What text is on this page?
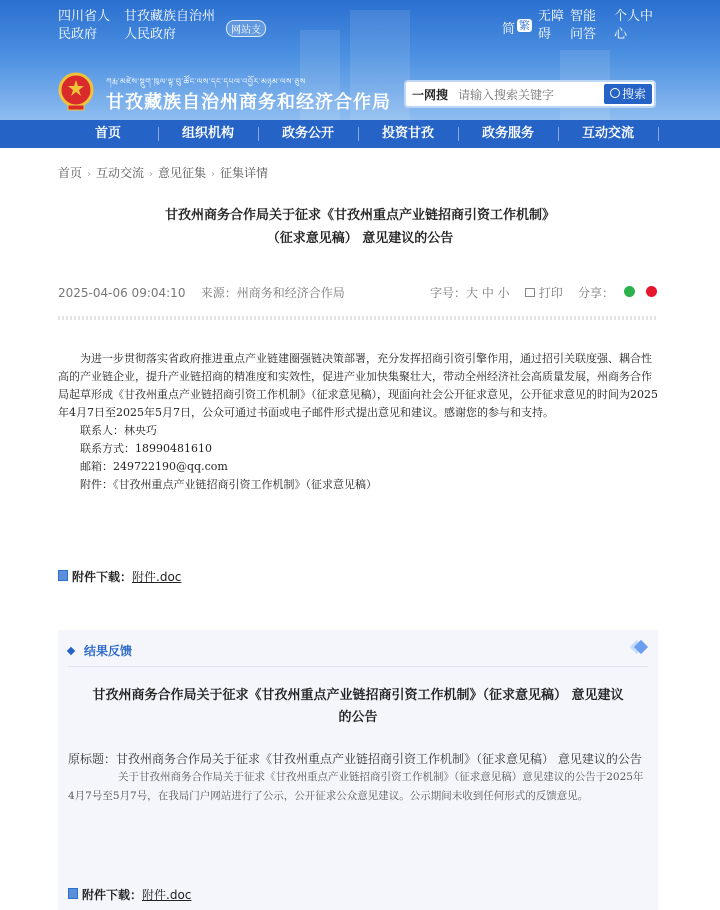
四川省人民政府
甘孜藏族自治州人民政府	网站支	简 繁
无障碍
智能问答
个人中心
ཀརྨ་མཛེས་སྡུག་ཁུལ་ལྟ་བུ་ཚོང་ལས་དང་དཔལ་འབྱོར་མཉམ་ལས་ཅུས
甘孜藏族自治州商务和经济合作局 一网搜
请输入搜索关键字	搜索
首页	组织机构	政务公开	投资甘孜	政务服务	互动交流
首页 › 互动交流 › 意见征集 › 征集详情
甘孜州商务合作局关于征求《甘孜州重点产业链招商引资工作机制》
（征求意见稿） 意见建议的公告
2025-04-06 09:04:10 来源：州商务和经济合作局	字号：大 中 小 打印 分享：

为进一步贯彻落实省政府推进重点产业链建圈强链决策部署，充分发挥招商引资引擎作用，通过招引关联度强、耦合性高的产业链企业，提升产业链招商的精准度和实效性，促进产业加快集聚壮大，带动全州经济社会高质量发展，州商务合作局起草形成《甘孜州重点产业链招商引资工作机制》（征求意见稿），现面向社会公开征求意见，公开征求意见的时间为2025年4月7日至2025年5月7日，公众可通过书面或电子邮件形式提出意见和建议。感谢您的参与和支持。

联系人：林央巧

联系方式：18990481610

邮箱：249722190@qq.com

附件：《甘孜州重点产业链招商引资工作机制》（征求意见稿）

附件下载：附件.doc
结果反馈
甘孜州商务合作局关于征求《甘孜州重点产业链招商引资工作机制》（征求意见稿） 意见建议
的公告
原标题：甘孜州商务合作局关于征求《甘孜州重点产业链招商引资工作机制》（征求意见稿） 意见建议的公告
关于甘孜州商务合作局关于征求《甘孜州重点产业链招商引资工作机制》（征求意见稿）意见建议的公告于2025年4月7号至5月7号，在我局门户网站进行了公示，公开征求公众意见建议。公示期间未收到任何形式的反馈意见。
附件下载：附件.doc
